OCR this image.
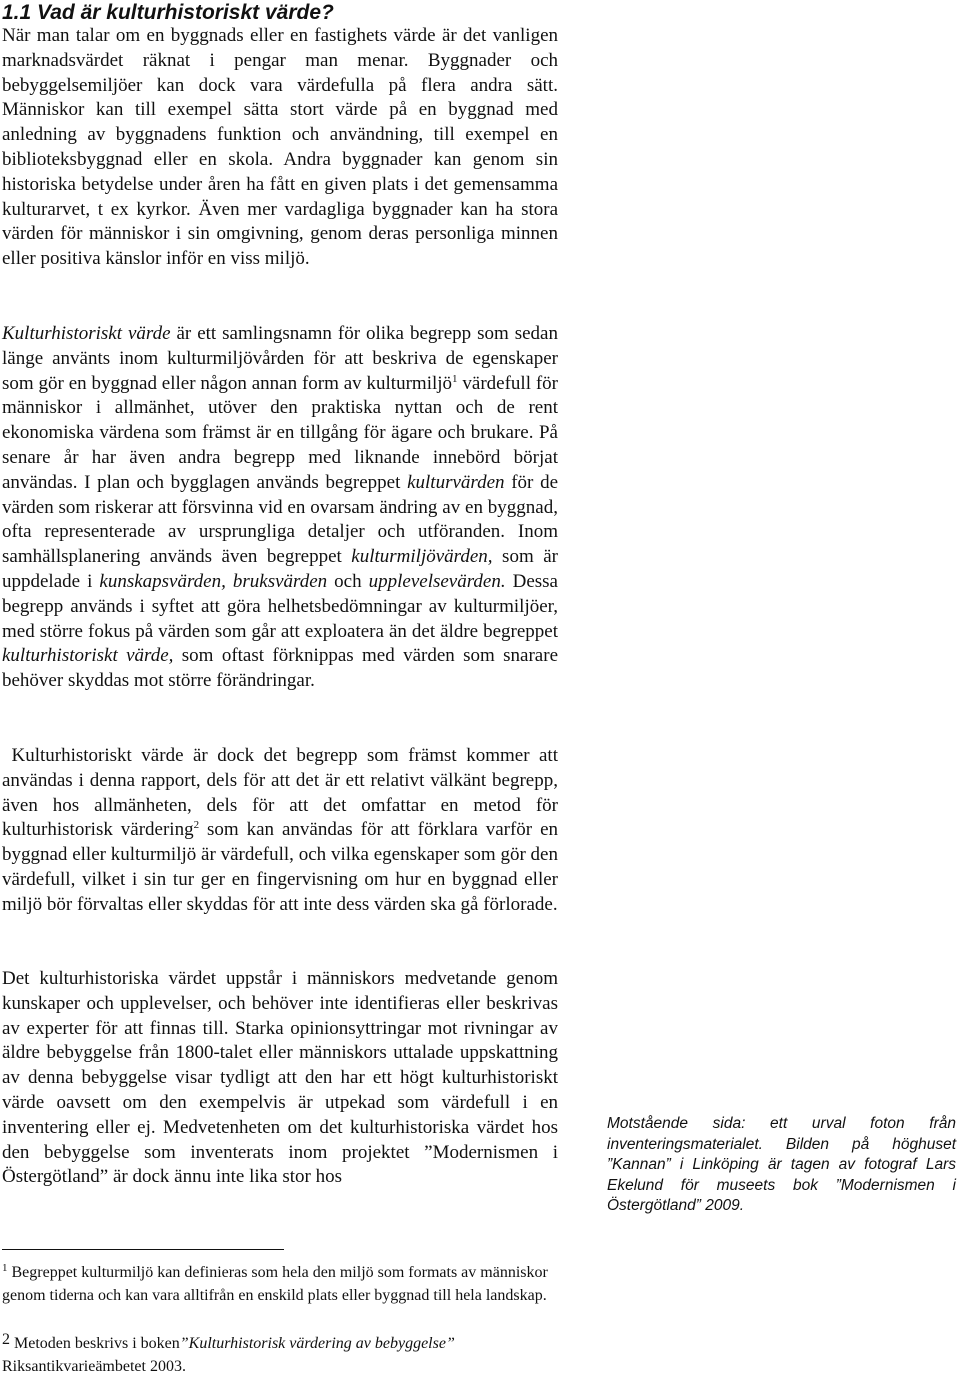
1.1 Vad är kulturhistoriskt värde?

När man talar om en byggnads eller en fastighets värde är det vanligen marknadsvärdet räknat i pengar man menar. Byggnader och bebyggelsemiljöer kan dock vara värdefulla på flera andra sätt. Människor kan till exempel sätta stort värde på en byggnad med anledning av byggnadens funktion och användning, till exempel en biblioteksbyggnad eller en skola. Andra byggnader kan genom sin historiska betydelse under åren ha fått en given plats i det gemensamma kulturarvet, t ex kyrkor. Även mer vardagliga byggnader kan ha stora värden för människor i sin omgivning, genom deras personliga minnen eller positiva känslor inför en viss miljö.

Kulturhistoriskt värde är ett samlingsnamn för olika begrepp som sedan länge använts inom kulturmiljövården för att beskriva de egenskaper som gör en byggnad eller någon annan form av kulturmiljö$^1$ värdefull för människor i allmänhet, utöver den praktiska nyttan och de rent ekonomiska värdena som främst är en tillgång för ägare och brukare. På senare år har även andra begrepp med liknande innebörd börjat användas. I plan och bygglagen används begreppet kulturvärden för de värden som riskerar att försvinna vid en ovarsam ändring av en byggnad, ofta representerade av ursprungliga detaljer och utföranden. Inom samhällsplanering används även begreppet kulturmiljövärden, som är uppdelade i kunskapsvärden, bruksvärden och upplevelsevärden. Dessa begrepp används i syftet att göra helhetsbedömningar av kulturmiljöer, med större fokus på värden som går att exploatera än det äldre begreppet kulturhistoriskt värde, som oftast förknippas med värden som snarare behöver skyddas mot större förändringar.

Kulturhistoriskt värde är dock det begrepp som främst kommer att användas i denna rapport, dels för att det är ett relativt välkänt begrepp, även hos allmänheten, dels för att det omfattar en metod för kulturhistorisk värdering$^2$ som kan användas för att förklara varför en byggnad eller kulturmiljö är värdefull, och vilka egenskaper som gör den värdefull, vilket i sin tur ger en fingervisning om hur en byggnad eller miljö bör förvaltas eller skyddas för att inte dess värden ska gå förlorade.

Det kulturhistoriska värdet uppstår i människors medvetande genom kunskaper och upplevelser, och behöver inte identifieras eller beskrivas av experter för att finnas till. Starka opinionsyttringar mot rivningar av äldre bebyggelse från 1800-talet eller människors uttalade uppskattning av denna bebyggelse visar tydligt att den har ett högt kulturhistoriskt värde oavsett om den exempelvis är utpekad som värdefull i en inventering eller ej. Medvetenheten om det kulturhistoriska värdet hos den bebyggelse som inventerats inom projektet ”Modernismen i Östergötland” är dock ännu inte lika stor hos

Motstående sida: ett urval foton från inventeringsmaterialet. Bilden på höghuset ”Kannan” i Linköping är tagen av fotograf Lars Ekelund för museets bok ”Modernismen i Östergötland” 2009.

$^1$ Begreppet kulturmiljö kan definieras som hela den miljö som formats av människor genom tiderna och kan vara alltifrån en enskild plats eller byggnad till hela landskap.

2 Metoden beskrivs i boken”Kulturhistorisk värdering av bebyggelse”
Riksantikvarieämbetet 2003.
